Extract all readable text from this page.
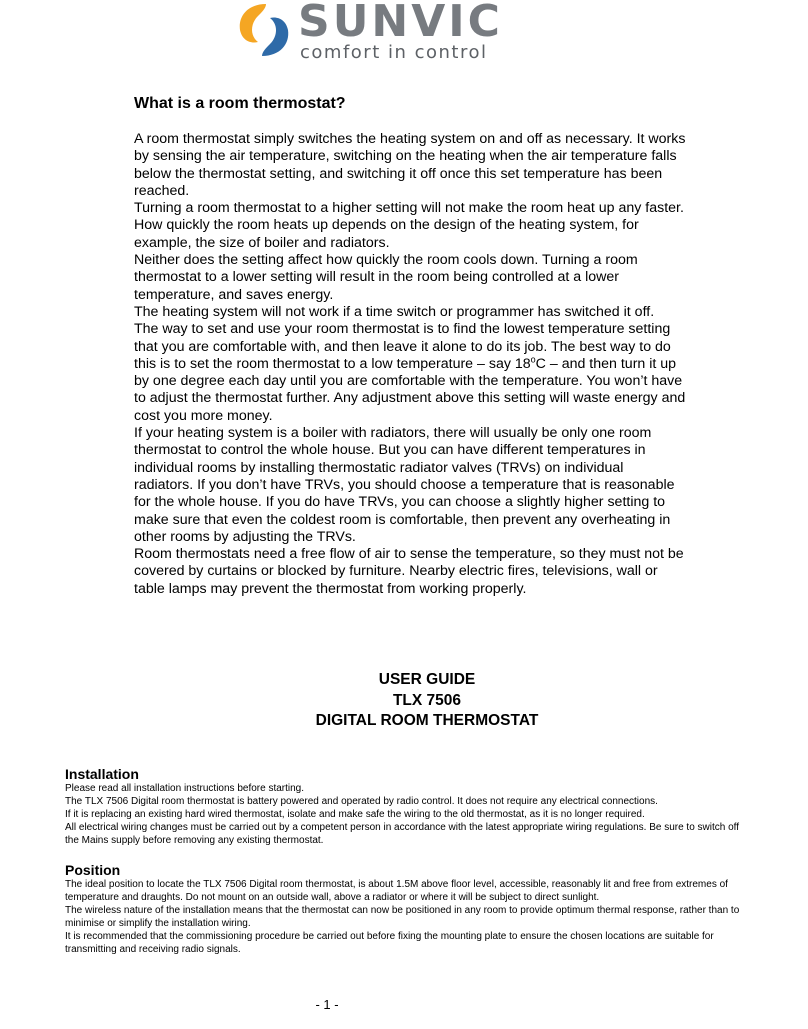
SUNVIC
comfort in control
What is a room thermostat?

A room thermostat simply switches the heating system on and off as necessary. It works by sensing the air temperature, switching on the heating when the air temperature falls below the thermostat setting, and switching it off once this set temperature has been reached.

Turning a room thermostat to a higher setting will not make the room heat up any faster. How quickly the room heats up depends on the design of the heating system, for example, the size of boiler and radiators.

Neither does the setting affect how quickly the room cools down. Turning a room thermostat to a lower setting will result in the room being controlled at a lower temperature, and saves energy.

The heating system will not work if a time switch or programmer has switched it off.

The way to set and use your room thermostat is to find the lowest temperature setting that you are comfortable with, and then leave it alone to do its job. The best way to do this is to set the room thermostat to a low temperature – say 18$^o$C – and then turn it up by one degree each day until you are comfortable with the temperature. You won’t have to adjust the thermostat further. Any adjustment above this setting will waste energy and cost you more money.

If your heating system is a boiler with radiators, there will usually be only one room thermostat to control the whole house. But you can have different temperatures in individual rooms by installing thermostatic radiator valves (TRVs) on individual radiators. If you don’t have TRVs, you should choose a temperature that is reasonable for the whole house. If you do have TRVs, you can choose a slightly higher setting to make sure that even the coldest room is comfortable, then prevent any overheating in other rooms by adjusting the TRVs.

Room thermostats need a free flow of air to sense the temperature, so they must not be covered by curtains or blocked by furniture. Nearby electric fires, televisions, wall or table lamps may prevent the thermostat from working properly.

USER GUIDE
TLX 7506
DIGITAL ROOM THERMOSTAT
Installation

Please read all installation instructions before starting.

The TLX 7506 Digital room thermostat is battery powered and operated by radio control. It does not require any electrical connections.

If it is replacing an existing hard wired thermostat, isolate and make safe the wiring to the old thermostat, as it is no longer required.

All electrical wiring changes must be carried out by a competent person in accordance with the latest appropriate wiring regulations. Be sure to switch off the Mains supply before removing any existing thermostat.

Position

The ideal position to locate the TLX 7506 Digital room thermostat, is about 1.5M above floor level, accessible, reasonably lit and free from extremes of temperature and draughts. Do not mount on an outside wall, above a radiator or where it will be subject to direct sunlight.

The wireless nature of the installation means that the thermostat can now be positioned in any room to provide optimum thermal response, rather than to minimise or simplify the installation wiring.

It is recommended that the commissioning procedure be carried out before fixing the mounting plate to ensure the chosen locations are suitable for transmitting and receiving radio signals.

- 1 -
